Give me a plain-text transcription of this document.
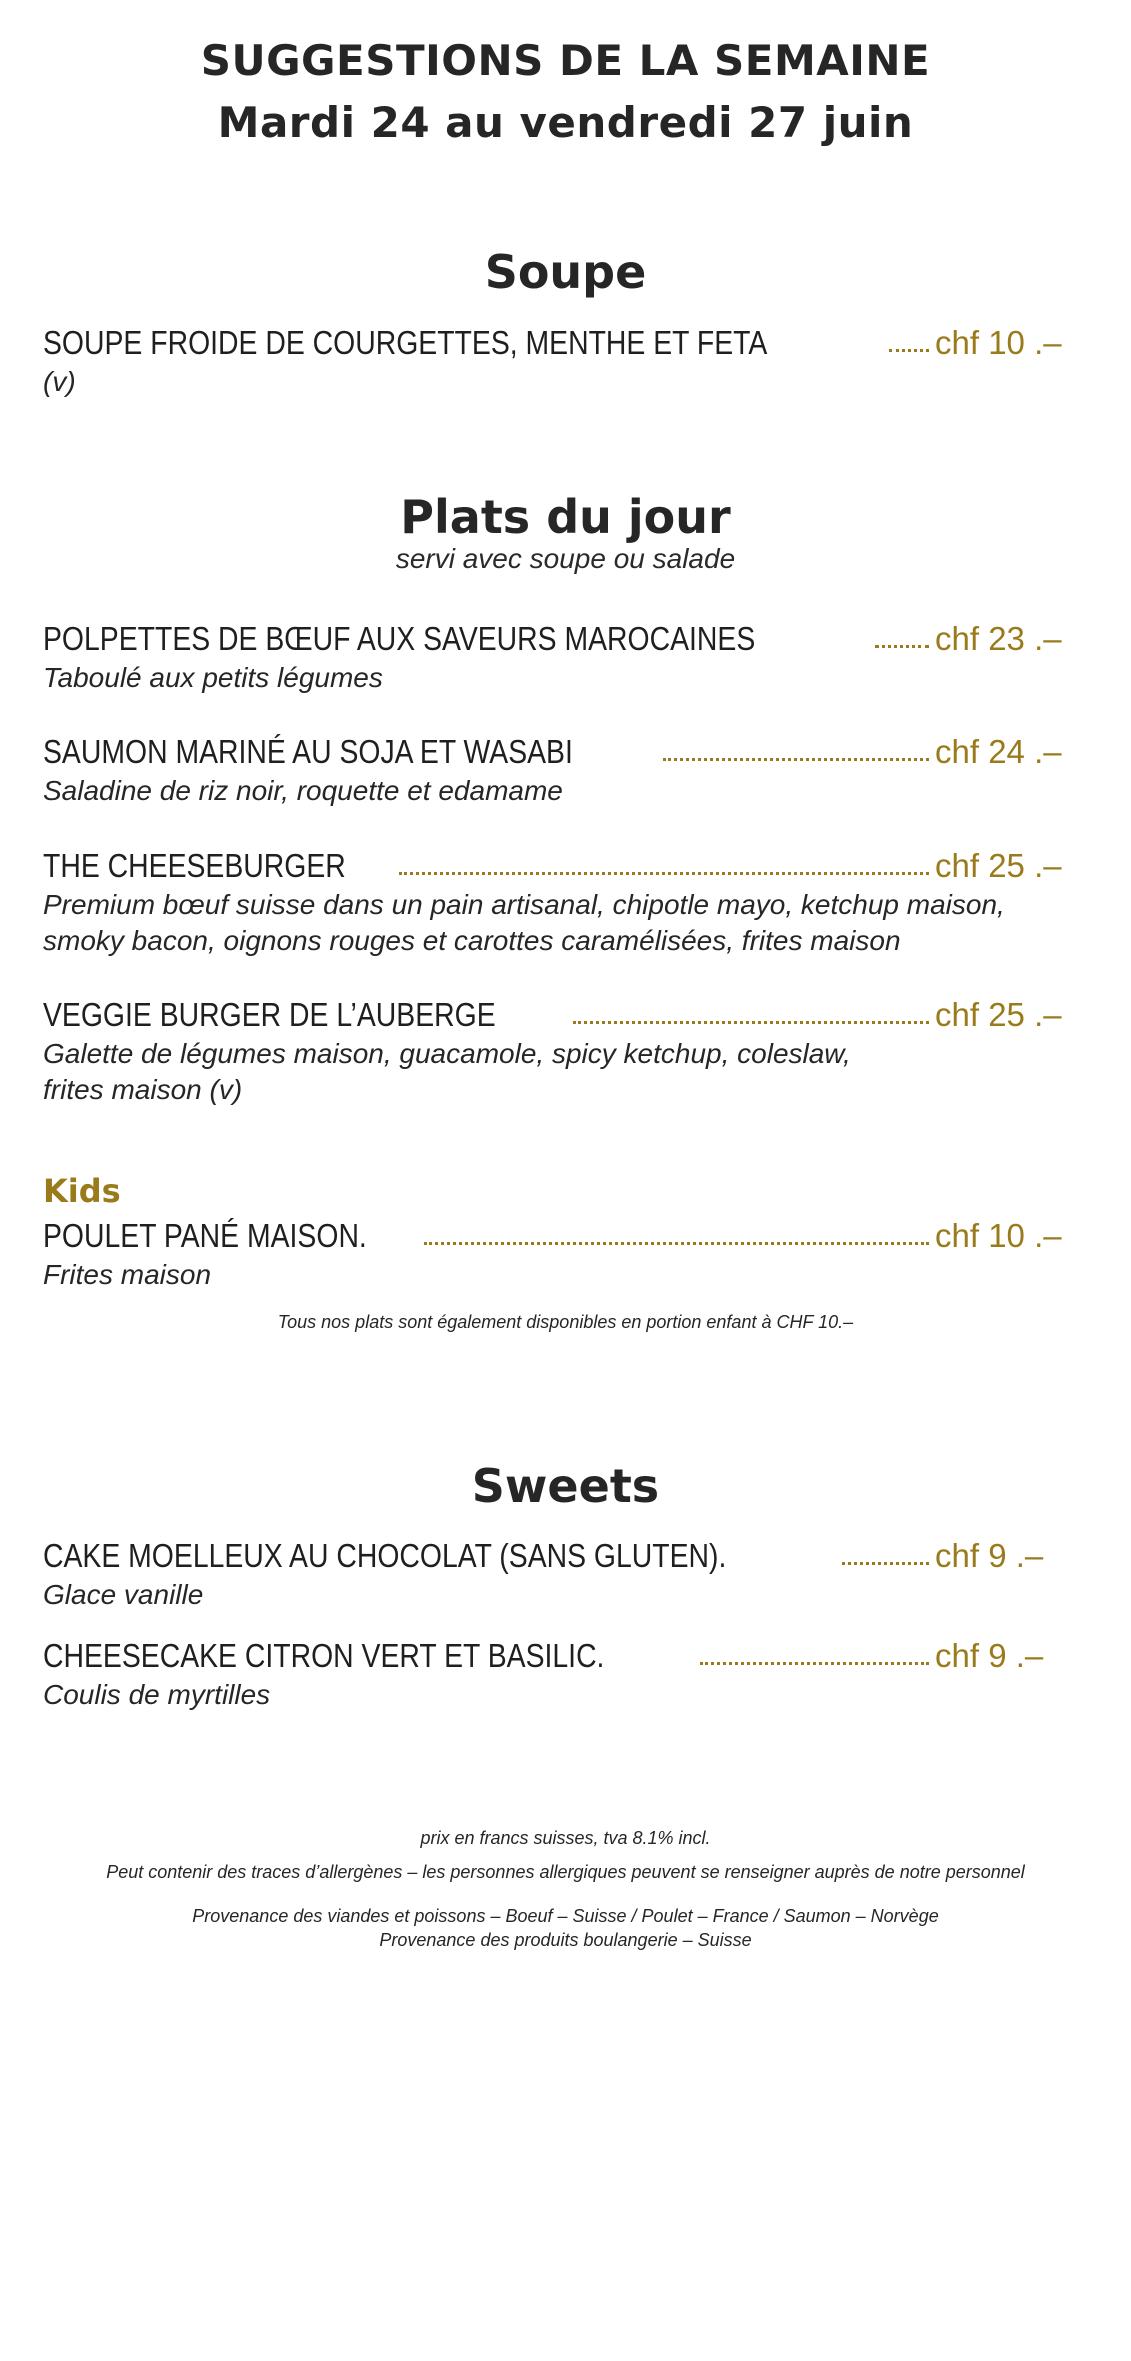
SUGGESTIONS DE LA SEMAINE
Mardi 24 au vendredi 27 juin
Soupe
SOUPE FROIDE DE COURGETTES, MENTHE ET FETA	chf 10 .–
(v)
Plats du jour
servi avec soupe ou salade
POLPETTES DE BŒUF AUX SAVEURS MAROCAINES	chf 23 .–
Taboulé aux petits légumes
SAUMON MARINÉ AU SOJA ET WASABI	chf 24 .–
Saladine de riz noir, roquette et edamame
THE CHEESEBURGER	chf 25 .–
Premium bœuf suisse dans un pain artisanal, chipotle mayo, ketchup maison,
smoky bacon, oignons rouges et carottes caramélisées, frites maison
VEGGIE BURGER DE L’AUBERGE	chf 25 .–
Galette de légumes maison, guacamole, spicy ketchup, coleslaw,
frites maison (v)
Kids
POULET PANÉ MAISON.	chf 10 .–
Frites maison
Tous nos plats sont également disponibles en portion enfant à CHF 10.–
Sweets
CAKE MOELLEUX AU CHOCOLAT (SANS GLUTEN).	chf 9 .–
Glace vanille
CHEESECAKE CITRON VERT ET BASILIC.	chf 9 .–
Coulis de myrtilles
prix en francs suisses, tva 8.1% incl.
Peut contenir des traces d’allergènes – les personnes allergiques peuvent se renseigner auprès de notre personnel
Provenance des viandes et poissons – Boeuf – Suisse / Poulet – France / Saumon – Norvège
Provenance des produits boulangerie – Suisse
